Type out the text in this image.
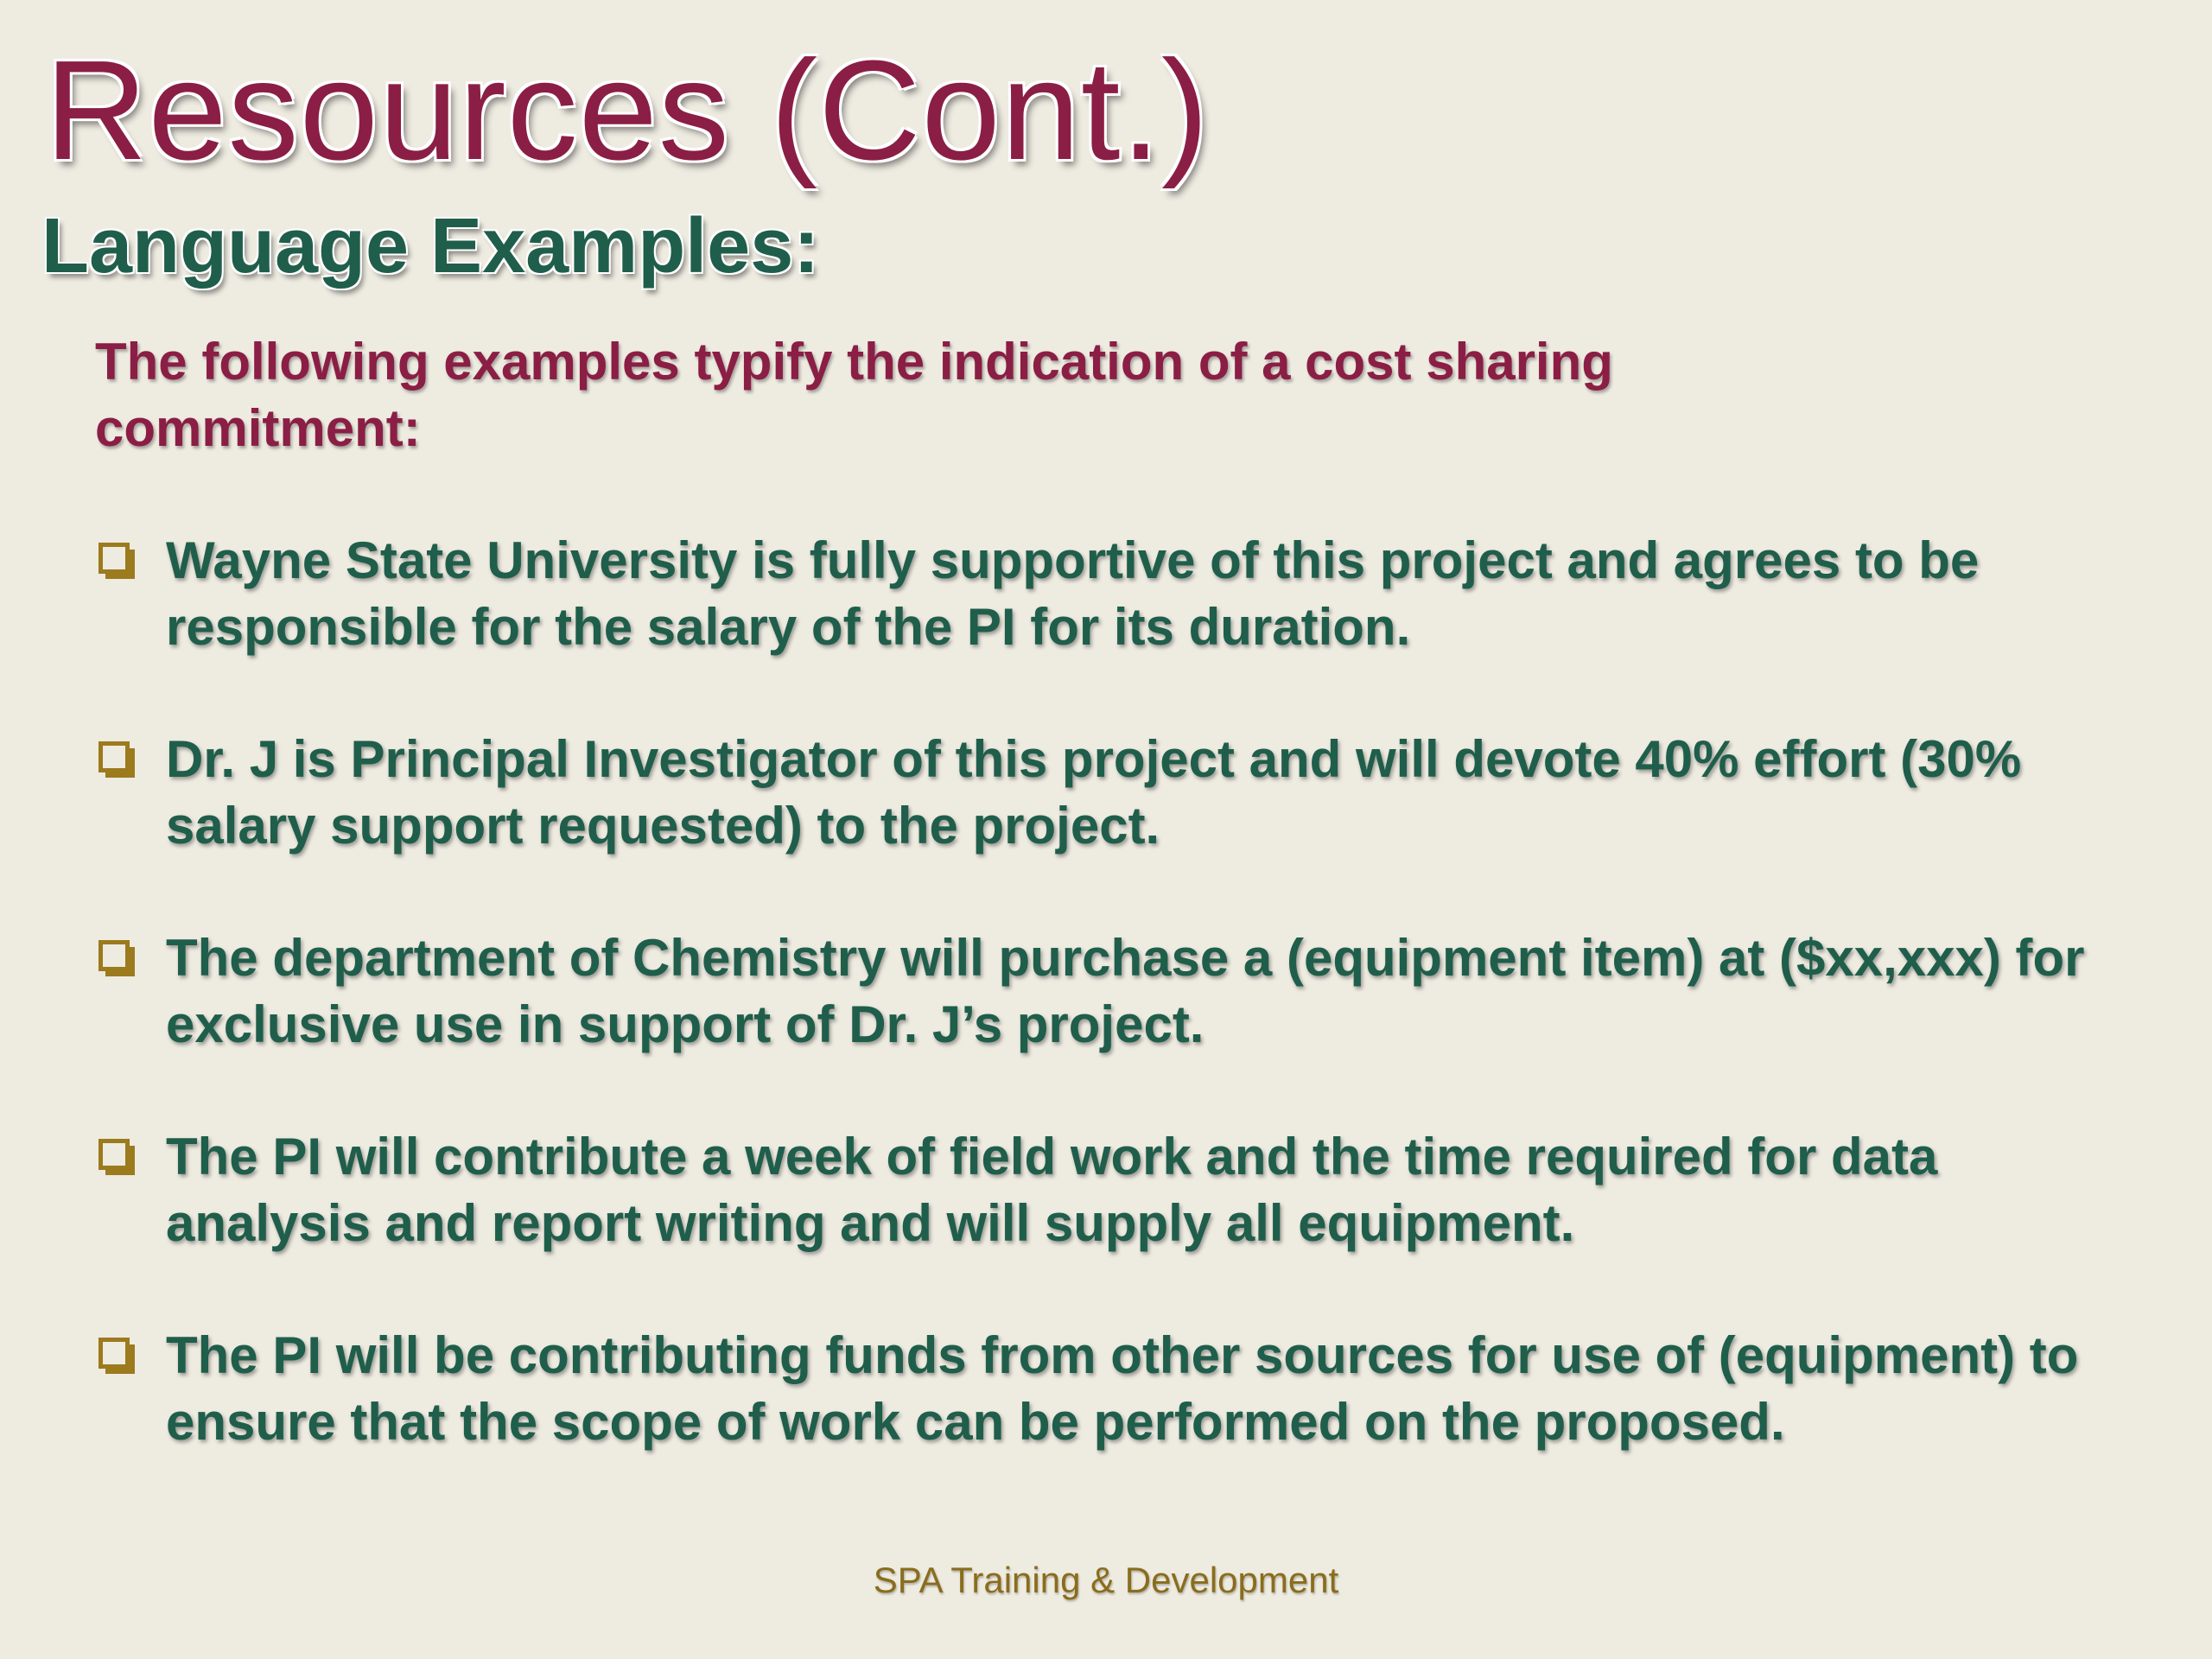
Resources (Cont.)
Language Examples:

The following examples typify the indication of a cost sharing commitment:

Wayne State University is fully supportive of this project and agrees to be responsible for the salary of the PI for its duration.
Dr. J is Principal Investigator of this project and will devote 40% effort (30% salary support requested) to the project.
The department of Chemistry will purchase a (equipment item) at ($xx,xxx) for exclusive use in support of Dr. J’s project.
The PI will contribute a week of field work and the time required for data analysis and report writing and will supply all equipment.
The PI will be contributing funds from other sources for use of (equipment) to ensure that the scope of work can be performed on the proposed.
SPA Training & Development
